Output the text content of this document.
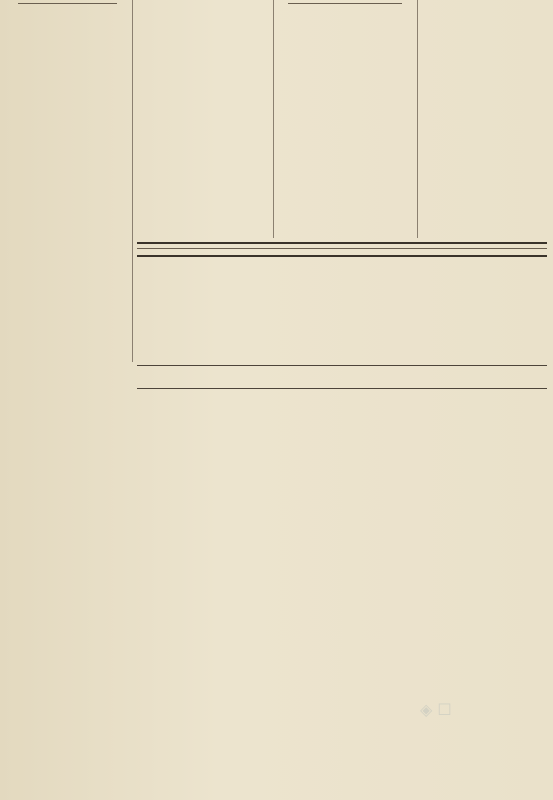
◈ ☐
